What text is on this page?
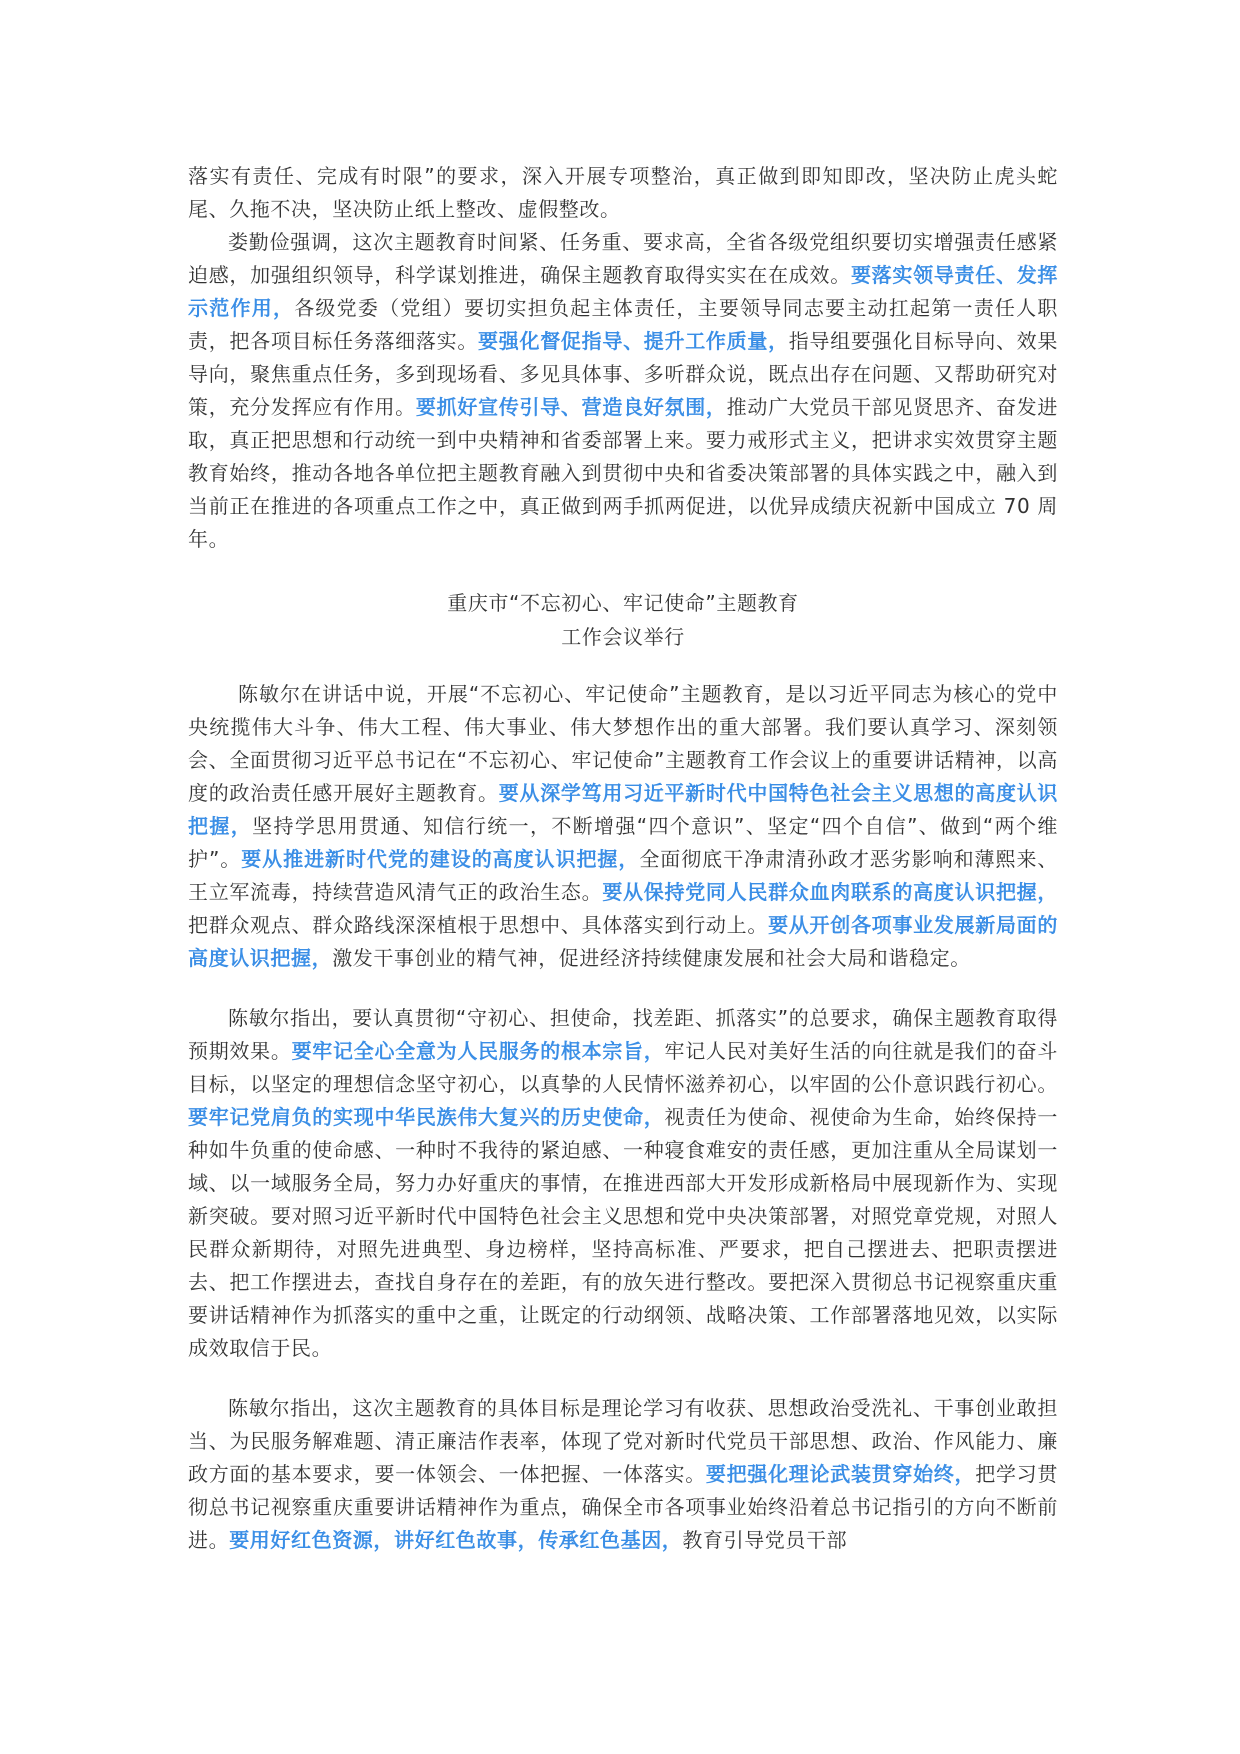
落实有责任、完成有时限”的要求，深入开展专项整治，真正做到即知即改，坚决防止虎头蛇尾、久拖不决，坚决防止纸上整改、虚假整改。

娄勤俭强调，这次主题教育时间紧、任务重、要求高，全省各级党组织要切实增强责任感紧迫感，加强组织领导，科学谋划推进，确保主题教育取得实实在在成效。要落实领导责任、发挥示范作用，各级党委（党组）要切实担负起主体责任，主要领导同志要主动扛起第一责任人职责，把各项目标任务落细落实。要强化督促指导、提升工作质量，指导组要强化目标导向、效果导向，聚焦重点任务，多到现场看、多见具体事、多听群众说，既点出存在问题、又帮助研究对策，充分发挥应有作用。要抓好宣传引导、营造良好氛围，推动广大党员干部见贤思齐、奋发进取，真正把思想和行动统一到中央精神和省委部署上来。要力戒形式主义，把讲求实效贯穿主题教育始终，推动各地各单位把主题教育融入到贯彻中央和省委决策部署的具体实践之中，融入到当前正在推进的各项重点工作之中，真正做到两手抓两促进，以优异成绩庆祝新中国成立 70 周年。

重庆市“不忘初心、牢记使命”主题教育
工作会议举行

陈敏尔在讲话中说，开展“不忘初心、牢记使命”主题教育，是以习近平同志为核心的党中央统揽伟大斗争、伟大工程、伟大事业、伟大梦想作出的重大部署。我们要认真学习、深刻领会、全面贯彻习近平总书记在“不忘初心、牢记使命”主题教育工作会议上的重要讲话精神，以高度的政治责任感开展好主题教育。要从深学笃用习近平新时代中国特色社会主义思想的高度认识把握，坚持学思用贯通、知信行统一，不断增强“四个意识”、坚定“四个自信”、做到“两个维护”。要从推进新时代党的建设的高度认识把握，全面彻底干净肃清孙政才恶劣影响和薄熙来、王立军流毒，持续营造风清气正的政治生态。要从保持党同人民群众血肉联系的高度认识把握，把群众观点、群众路线深深植根于思想中、具体落实到行动上。要从开创各项事业发展新局面的高度认识把握，激发干事创业的精气神，促进经济持续健康发展和社会大局和谐稳定。

陈敏尔指出，要认真贯彻“守初心、担使命，找差距、抓落实”的总要求，确保主题教育取得预期效果。要牢记全心全意为人民服务的根本宗旨，牢记人民对美好生活的向往就是我们的奋斗目标，以坚定的理想信念坚守初心，以真挚的人民情怀滋养初心，以牢固的公仆意识践行初心。要牢记党肩负的实现中华民族伟大复兴的历史使命，视责任为使命、视使命为生命，始终保持一种如牛负重的使命感、一种时不我待的紧迫感、一种寝食难安的责任感，更加注重从全局谋划一域、以一域服务全局，努力办好重庆的事情，在推进西部大开发形成新格局中展现新作为、实现新突破。要对照习近平新时代中国特色社会主义思想和党中央决策部署，对照党章党规，对照人民群众新期待，对照先进典型、身边榜样，坚持高标准、严要求，把自己摆进去、把职责摆进去、把工作摆进去，查找自身存在的差距，有的放矢进行整改。要把深入贯彻总书记视察重庆重要讲话精神作为抓落实的重中之重，让既定的行动纲领、战略决策、工作部署落地见效，以实际成效取信于民。

陈敏尔指出，这次主题教育的具体目标是理论学习有收获、思想政治受洗礼、干事创业敢担当、为民服务解难题、清正廉洁作表率，体现了党对新时代党员干部思想、政治、作风能力、廉政方面的基本要求，要一体领会、一体把握、一体落实。要把强化理论武装贯穿始终，把学习贯彻总书记视察重庆重要讲话精神作为重点，确保全市各项事业始终沿着总书记指引的方向不断前进。要用好红色资源，讲好红色故事，传承红色基因，教育引导党员干部
